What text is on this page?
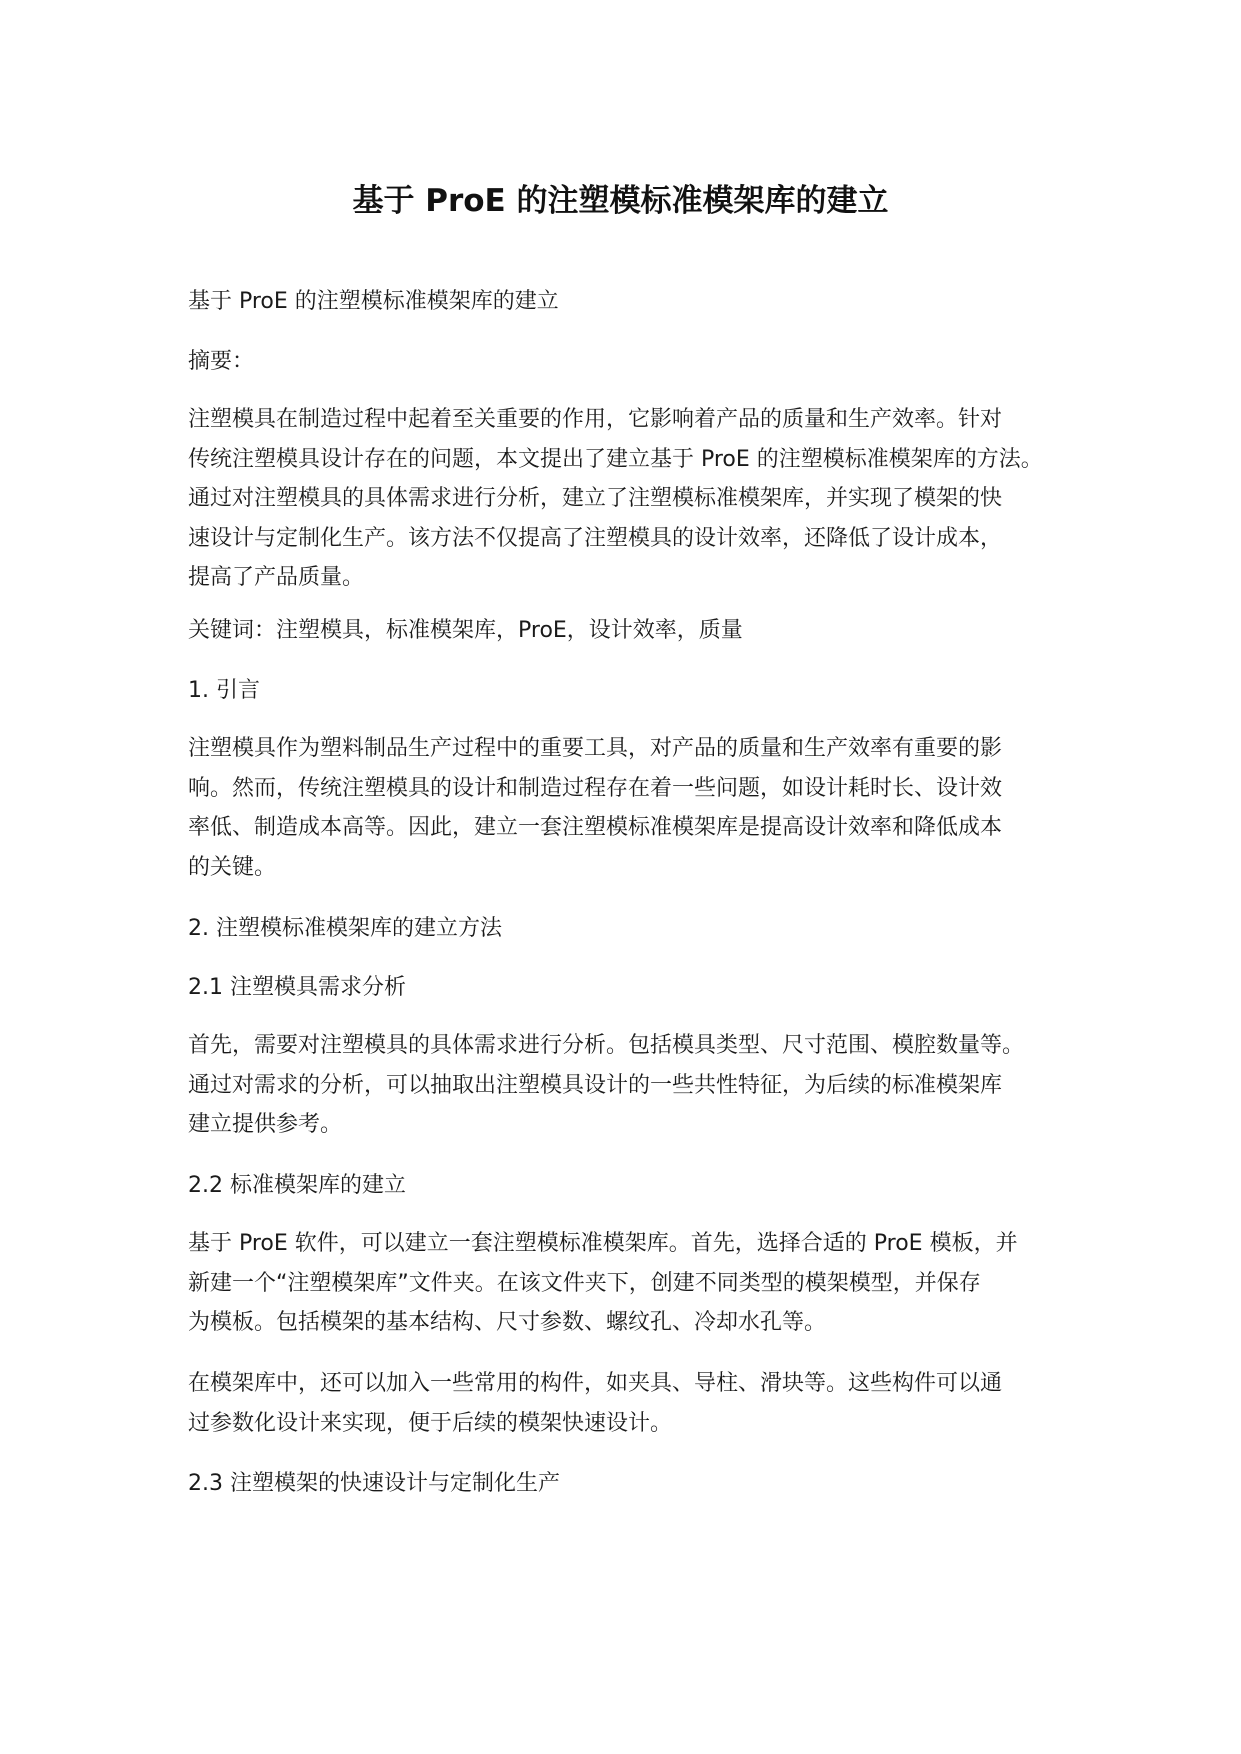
基于 ProE 的注塑模标准模架库的建立

基于 ProE 的注塑模标准模架库的建立

摘要：

注塑模具在制造过程中起着至关重要的作用，它影响着产品的质量和生产效率。针对
传统注塑模具设计存在的问题，本文提出了建立基于 ProE 的注塑模标准模架库的方法。
通过对注塑模具的具体需求进行分析，建立了注塑模标准模架库，并实现了模架的快
速设计与定制化生产。该方法不仅提高了注塑模具的设计效率，还降低了设计成本，
提高了产品质量。

关键词：注塑模具，标准模架库，ProE，设计效率，质量

1. 引言

注塑模具作为塑料制品生产过程中的重要工具，对产品的质量和生产效率有重要的影
响。然而，传统注塑模具的设计和制造过程存在着一些问题，如设计耗时长、设计效
率低、制造成本高等。因此，建立一套注塑模标准模架库是提高设计效率和降低成本
的关键。

2. 注塑模标准模架库的建立方法

2.1 注塑模具需求分析

首先，需要对注塑模具的具体需求进行分析。包括模具类型、尺寸范围、模腔数量等。
通过对需求的分析，可以抽取出注塑模具设计的一些共性特征，为后续的标准模架库
建立提供参考。

2.2 标准模架库的建立

基于 ProE 软件，可以建立一套注塑模标准模架库。首先，选择合适的 ProE 模板，并
新建一个“注塑模架库”文件夹。在该文件夹下，创建不同类型的模架模型，并保存
为模板。包括模架的基本结构、尺寸参数、螺纹孔、冷却水孔等。
在模架库中，还可以加入一些常用的构件，如夹具、导柱、滑块等。这些构件可以通
过参数化设计来实现，便于后续的模架快速设计。

2.3 注塑模架的快速设计与定制化生产
